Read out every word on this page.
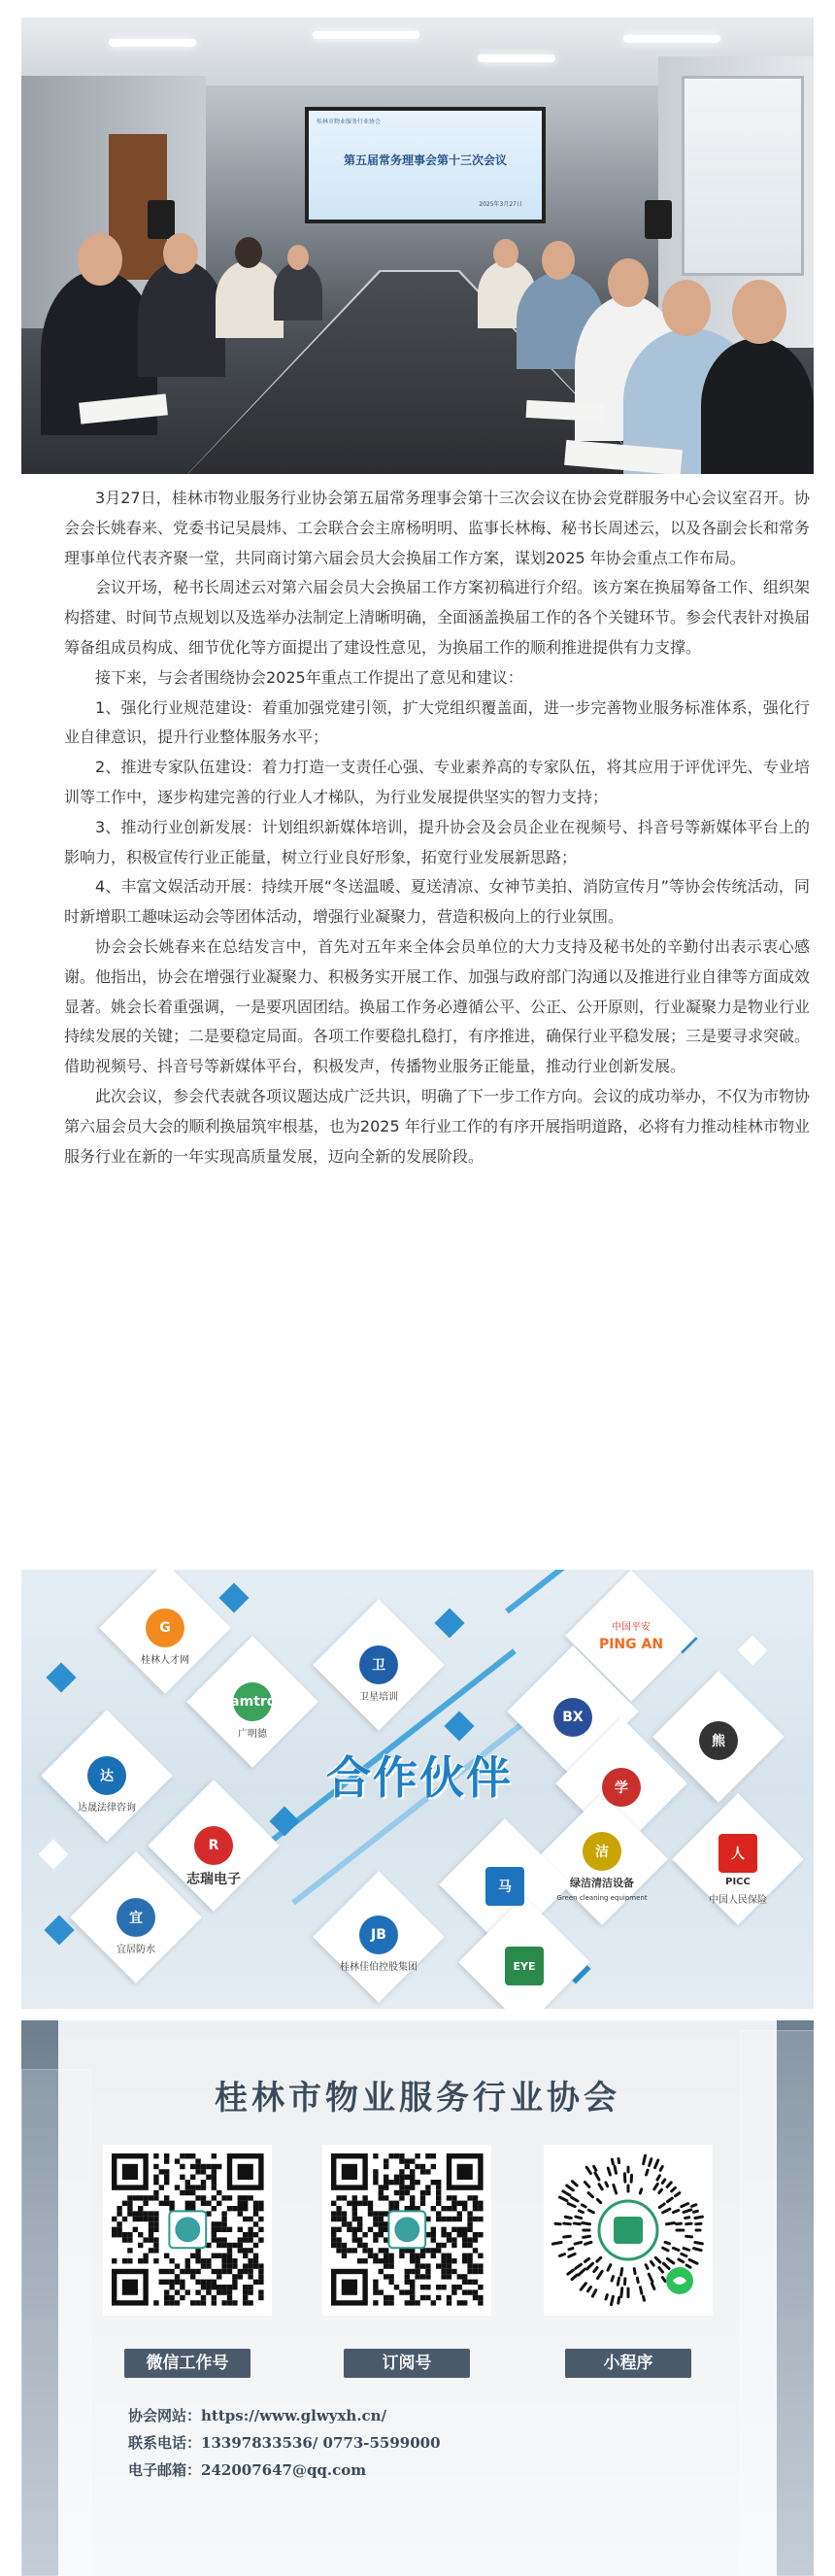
桂林市物业服务行业协会
第五届常务理事会第十三次会议
2025年3月27日

3月27日，桂林市物业服务行业协会第五届常务理事会第十三次会议在协会党群服务中心会议室召开。协会会长姚春来、党委书记吴晨炜、工会联合会主席杨明明、监事长林梅、秘书长周述云，以及各副会长和常务理事单位代表齐聚一堂，共同商讨第六届会员大会换届工作方案，谋划2025 年协会重点工作布局。

会议开场，秘书长周述云对第六届会员大会换届工作方案初稿进行介绍。该方案在换届筹备工作、组织架构搭建、时间节点规划以及选举办法制定上清晰明确，全面涵盖换届工作的各个关键环节。参会代表针对换届筹备组成员构成、细节优化等方面提出了建设性意见，为换届工作的顺利推进提供有力支撑。

接下来，与会者围绕协会2025年重点工作提出了意见和建议：

1、强化行业规范建设：着重加强党建引领，扩大党组织覆盖面，进一步完善物业服务标准体系，强化行业自律意识，提升行业整体服务水平；

2、推进专家队伍建设：着力打造一支责任心强、专业素养高的专家队伍，将其应用于评优评先、专业培训等工作中，逐步构建完善的行业人才梯队，为行业发展提供坚实的智力支持；

3、推动行业创新发展：计划组织新媒体培训，提升协会及会员企业在视频号、抖音号等新媒体平台上的影响力，积极宣传行业正能量，树立行业良好形象，拓宽行业发展新思路；

4、丰富文娱活动开展：持续开展“冬送温暖、夏送清凉、女神节美拍、消防宣传月”等协会传统活动，同时新增职工趣味运动会等团体活动，增强行业凝聚力，营造积极向上的行业氛围。

协会会长姚春来在总结发言中，首先对五年来全体会员单位的大力支持及秘书处的辛勤付出表示衷心感谢。他指出，协会在增强行业凝聚力、积极务实开展工作、加强与政府部门沟通以及推进行业自律等方面成效显著。姚会长着重强调，一是要巩固团结。换届工作务必遵循公平、公正、公开原则，行业凝聚力是物业行业持续发展的关键；二是要稳定局面。各项工作要稳扎稳打，有序推进，确保行业平稳发展；三是要寻求突破。借助视频号、抖音号等新媒体平台，积极发声，传播物业服务正能量，推动行业创新发展。

此次会议，参会代表就各项议题达成广泛共识，明确了下一步工作方向。会议的成功举办，不仅为市物协第六届会员大会的顺利换届筑牢根基，也为2025 年行业工作的有序开展指明道路，必将有力推动桂林市物业服务行业在新的一年实现高质量发展，迈向全新的发展阶段。

G
桂林人才网
Gamtrde
广明德
卫
卫星培训
中国平安
PING AN
达
达晟法律咨询
BX
学
熊
R
志瑞电子
洁
绿洁清洁设备
Green cleaning equipment
马
人
PICC
中国人民保险
宜
宜居防水
JB
桂林佳伯控股集团	EYE
合作伙伴
桂林市物业服务行业协会
微信工作号	订阅号	小程序
协会网站：https://www.glwyxh.cn/
联系电话：13397833536/ 0773-5599000
电子邮箱：242007647@qq.com
